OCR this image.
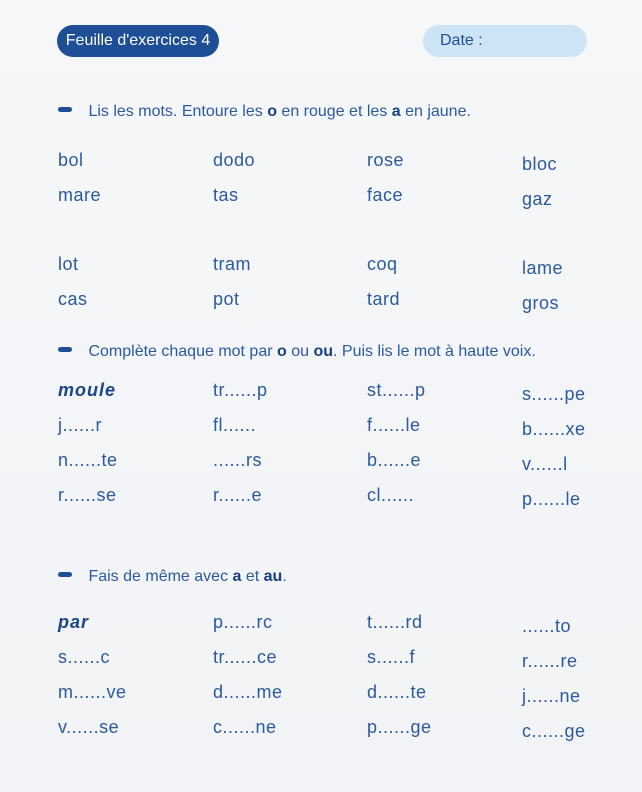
Feuille d'exercices 4	Date :
Lis les mots. Entoure les o en rouge et les a en jaune.
bol	dodo	rose	bloc
mare	tas	face	gaz
lot	tram	coq	lame
cas	pot	tard	gros
Complète chaque mot par o ou ou. Puis lis le mot à haute voix.
moule	tr......p	st......p	s......pe
j......r	fl......	f......le	b......xe
n......te	......rs	b......e	v......l
r......se	r......e	cl......	p......le
Fais de même avec a et au.
par	p......rc	t......rd	......to
s......c	tr......ce	s......f	r......re
m......ve	d......me	d......te	j......ne
v......se	c......ne	p......ge	c......ge
